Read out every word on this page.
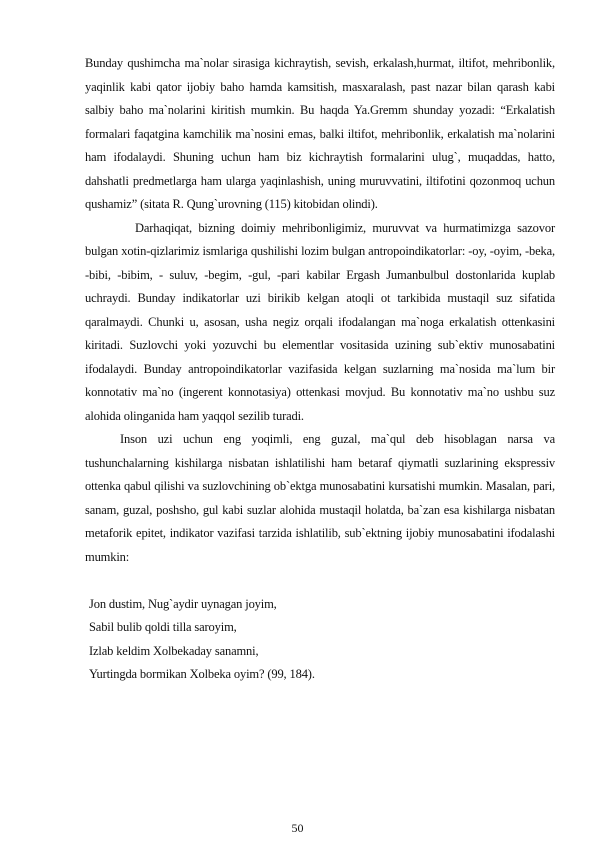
Bunday qushimcha ma`nolar sirasiga kichraytish, sevish, erkalash,hurmat, iltifot, mehribonlik, yaqinlik kabi qator ijobiy baho hamda kamsitish, masxaralash, past nazar bilan qarash kabi salbiy baho ma`nolarini kiritish mumkin. Bu haqda Ya.Gremm shunday yozadi: “Erkalatish formalari faqatgina kamchilik ma`nosini emas, balki iltifot, mehribonlik, erkalatish ma`nolarini ham ifodalaydi. Shuning uchun ham biz kichraytish formalarini ulug`, muqaddas, hatto, dahshatli predmetlarga ham ularga yaqinlashish, uning muruvvatini, iltifotini qozonmoq uchun qushamiz” (sitata R. Qung`urovning (115) kitobidan olindi).

Darhaqiqat, bizning doimiy mehribonligimiz, muruvvat va hurmatimizga sazovor bulgan xotin-qizlarimiz ismlariga qushilishi lozim bulgan antropoindikatorlar: -oy, -oyim, -beka, -bibi, -bibim, - suluv, -begim, -gul, -pari kabilar Ergash Jumanbulbul dostonlarida kuplab uchraydi. Bunday indikatorlar uzi birikib kelgan atoqli ot tarkibida mustaqil suz sifatida qaralmaydi. Chunki u, asosan, usha negiz orqali ifodalangan ma`noga erkalatish ottenkasini kiritadi. Suzlovchi yoki yozuvchi bu elementlar vositasida uzining sub`ektiv munosabatini ifodalaydi. Bunday antropoindikatorlar vazifasida kelgan suzlarning ma`nosida ma`lum bir konnotativ ma`no (ingerent konnotasiya) ottenkasi movjud. Bu konnotativ ma`no ushbu suz alohida olinganida ham yaqqol sezilib turadi.

Inson uzi uchun eng yoqimli, eng guzal, ma`qul deb hisoblagan narsa va tushunchalarning kishilarga nisbatan ishlatilishi ham betaraf qiymatli suzlarining ekspressiv ottenka qabul qilishi va suzlovchining ob`ektga munosabatini kursatishi mumkin. Masalan, pari, sanam, guzal, poshsho, gul kabi suzlar alohida mustaqil holatda, ba`zan esa kishilarga nisbatan metaforik epitet, indikator vazifasi tarzida ishlatilib, sub`ektning ijobiy munosabatini ifodalashi mumkin:

Jon dustim, Nug`aydir uynagan joyim,

Sabil bulib qoldi tilla saroyim,

Izlab keldim Xolbekaday sanamni,

Yurtingda bormikan Xolbeka oyim? (99, 184).

50
